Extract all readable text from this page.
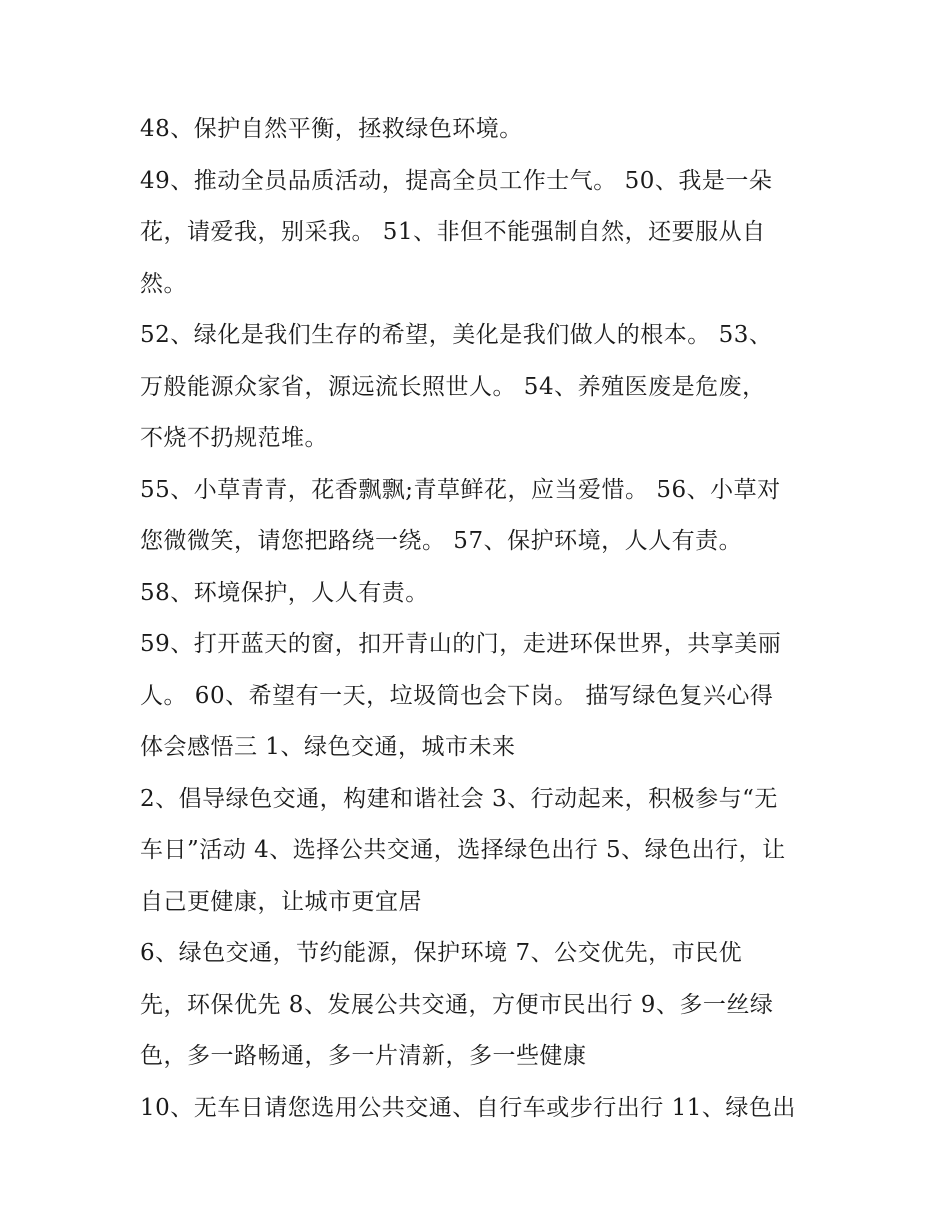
48、保护自然平衡，拯救绿色环境。
49、推动全员品质活动，提高全员工作士气。 50、我是一朵
花，请爱我，别采我。 51、非但不能强制自然，还要服从自
然。
52、绿化是我们生存的希望，美化是我们做人的根本。 53、
万般能源众家省，源远流长照世人。 54、养殖医废是危废，
不烧不扔规范堆。
55、小草青青，花香飘飘;青草鲜花，应当爱惜。 56、小草对
您微微笑，请您把路绕一绕。 57、保护环境，人人有责。
58、环境保护，人人有责。
59、打开蓝天的窗，扣开青山的门，走进环保世界，共享美丽
人。 60、希望有一天，垃圾筒也会下岗。 描写绿色复兴心得
体会感悟三 1、绿色交通，城市未来
2、倡导绿色交通，构建和谐社会 3、行动起来，积极参与“无
车日”活动 4、选择公共交通，选择绿色出行 5、绿色出行，让
自己更健康，让城市更宜居
6、绿色交通，节约能源，保护环境 7、公交优先，市民优
先，环保优先 8、发展公共交通，方便市民出行 9、多一丝绿
色，多一路畅通，多一片清新，多一些健康
10、无车日请您选用公共交通、自行车或步行出行 11、绿色出
